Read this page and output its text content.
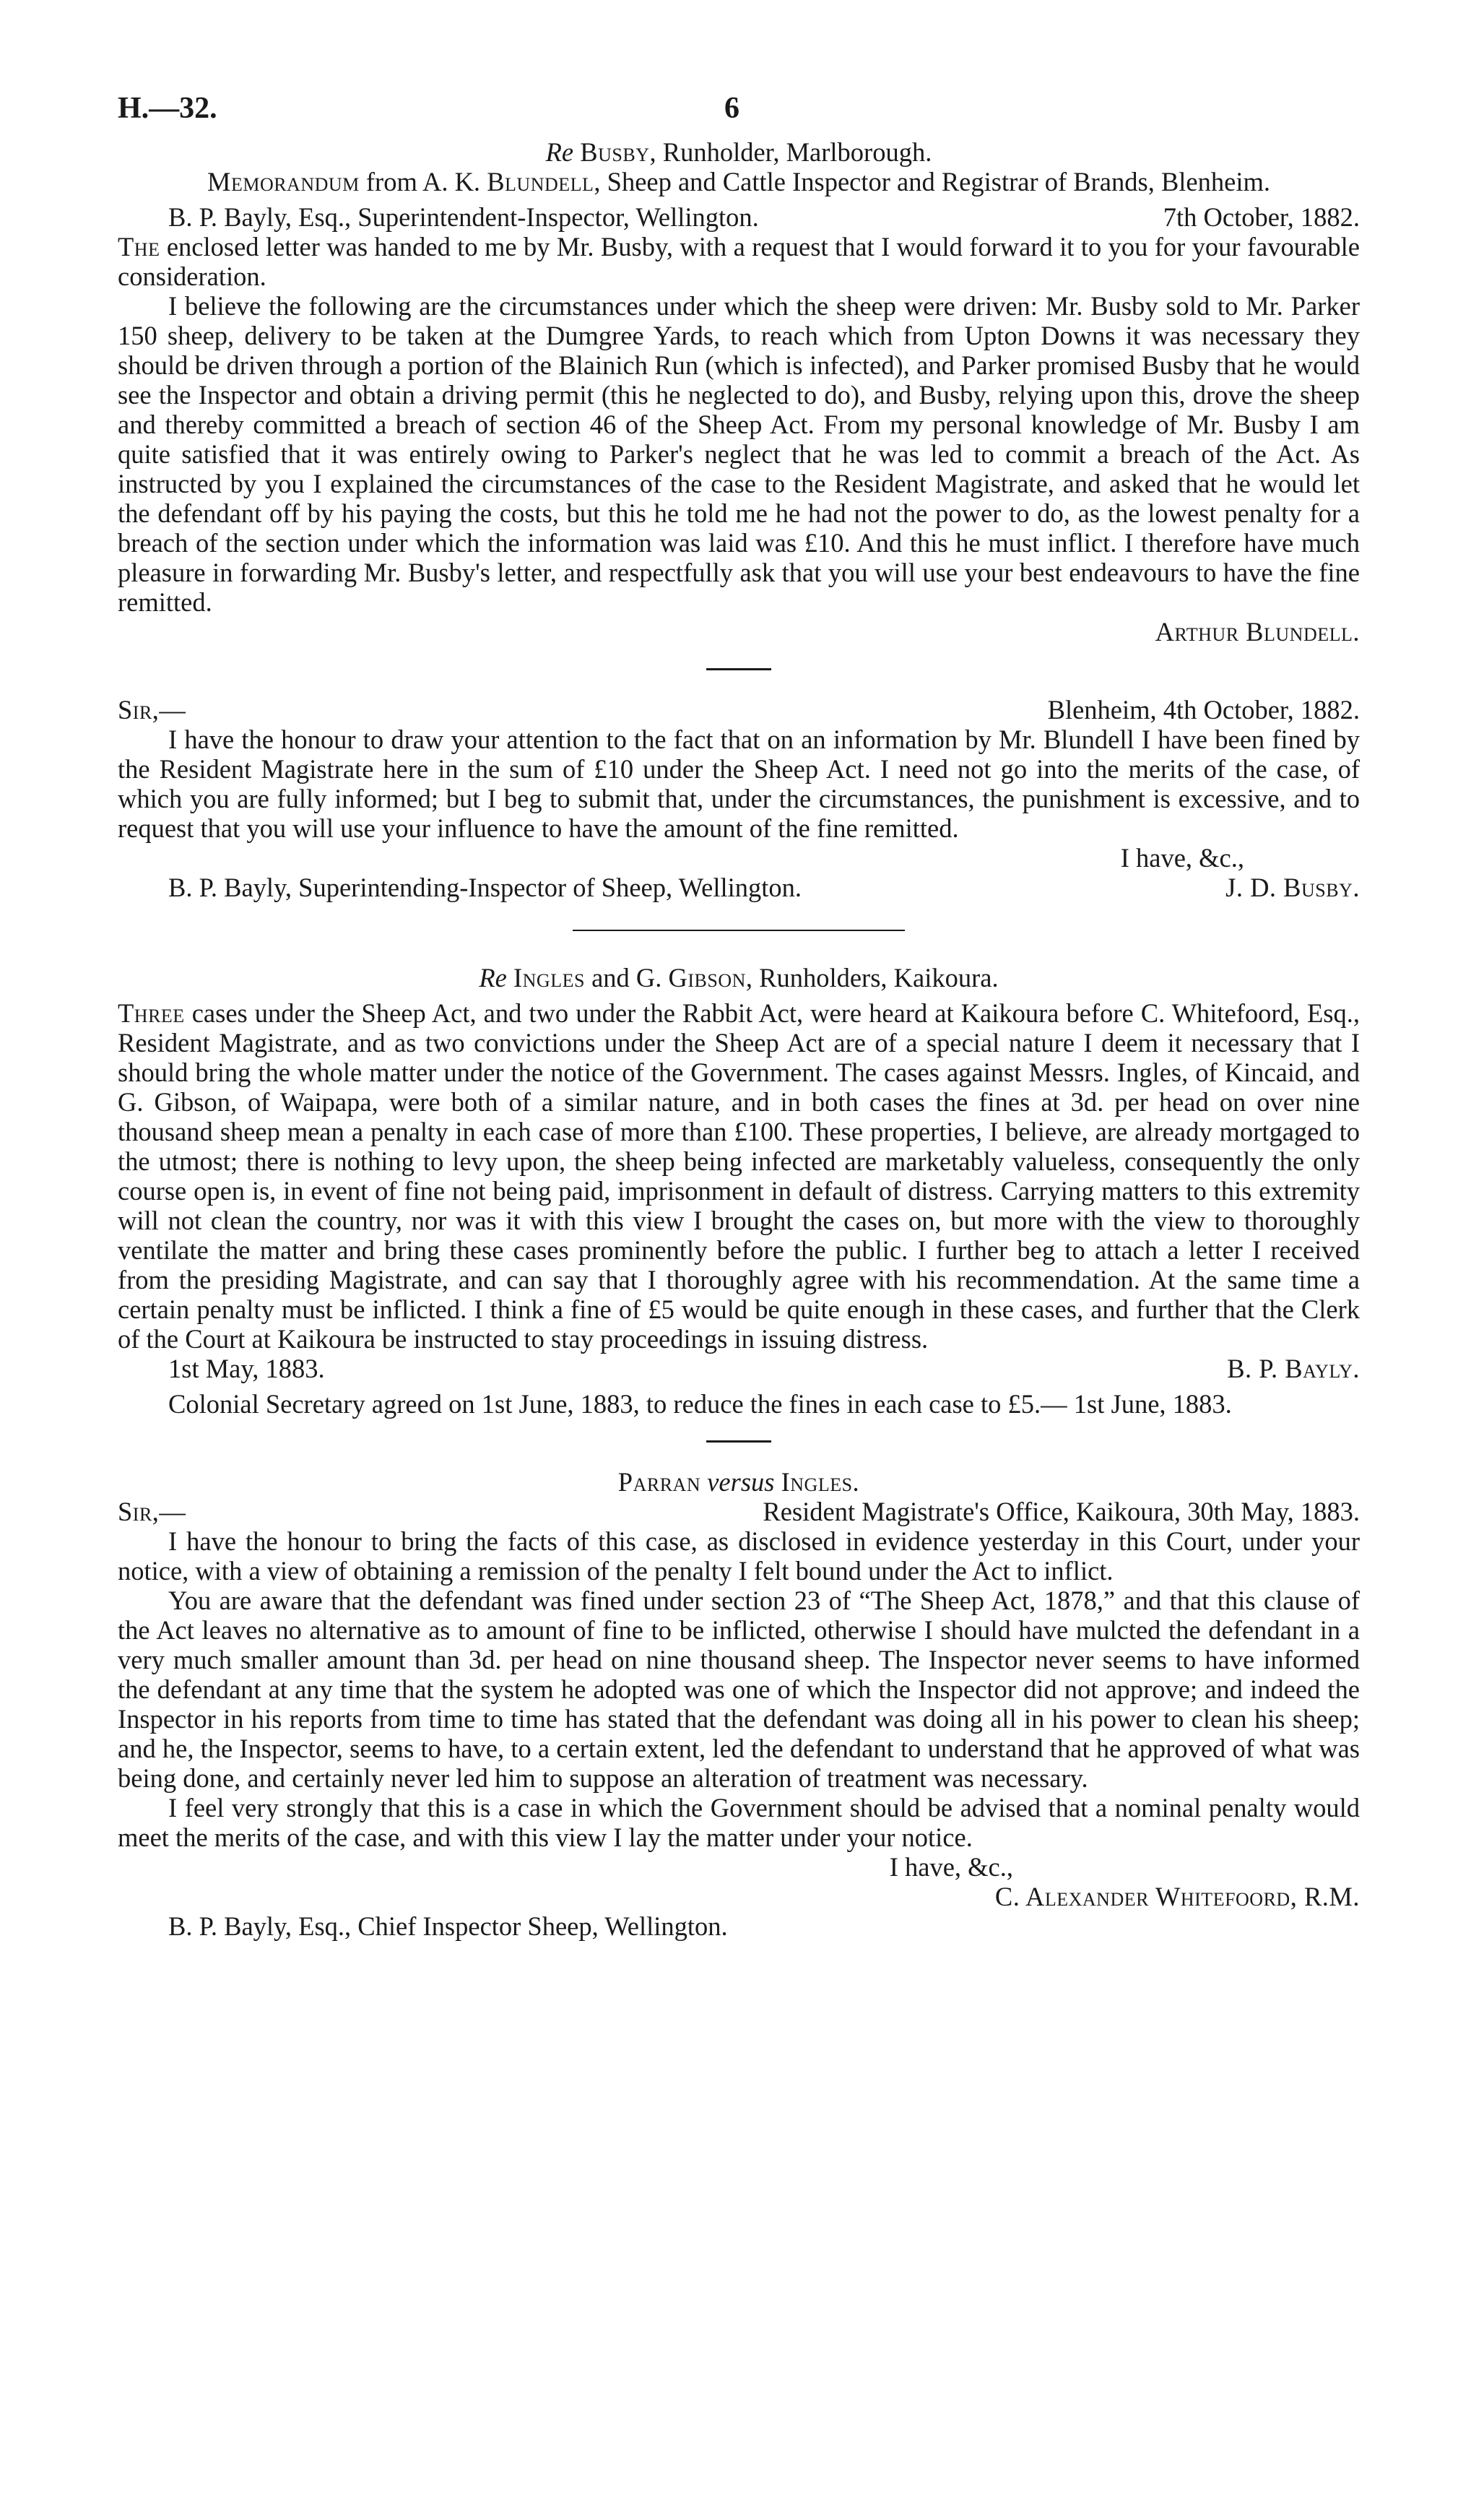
H.—32.	6
Re Busby, Runholder, Marlborough.
Memorandum from A. K. Blundell, Sheep and Cattle Inspector and Registrar of Brands, Blenheim.
B. P. Bayly, Esq., Superintendent-Inspector, Wellington.	7th October, 1882.

The enclosed letter was handed to me by Mr. Busby, with a request that I would forward it to you for your favourable consideration.

I believe the following are the circumstances under which the sheep were driven: Mr. Busby sold to Mr. Parker 150 sheep, delivery to be taken at the Dumgree Yards, to reach which from Upton Downs it was necessary they should be driven through a portion of the Blainich Run (which is infected), and Parker promised Busby that he would see the Inspector and obtain a driving permit (this he neglected to do), and Busby, relying upon this, drove the sheep and thereby committed a breach of section 46 of the Sheep Act. From my personal knowledge of Mr. Busby I am quite satisfied that it was entirely owing to Parker's neglect that he was led to commit a breach of the Act. As instructed by you I explained the circumstances of the case to the Resident Magistrate, and asked that he would let the defendant off by his paying the costs, but this he told me he had not the power to do, as the lowest penalty for a breach of the section under which the information was laid was £10. And this he must inflict. I therefore have much pleasure in forwarding Mr. Busby's letter, and respectfully ask that you will use your best endeavours to have the fine remitted.

Arthur Blundell.
Sir,—	Blenheim, 4th October, 1882.

I have the honour to draw your attention to the fact that on an information by Mr. Blundell I have been fined by the Resident Magistrate here in the sum of £10 under the Sheep Act. I need not go into the merits of the case, of which you are fully informed; but I beg to submit that, under the circumstances, the punishment is excessive, and to request that you will use your influence to have the amount of the fine remitted.

I have, &c.,
B. P. Bayly, Superintending-Inspector of Sheep, Wellington.	J. D. Busby.
Re Ingles and G. Gibson, Runholders, Kaikoura.

Three cases under the Sheep Act, and two under the Rabbit Act, were heard at Kaikoura before C. Whitefoord, Esq., Resident Magistrate, and as two convictions under the Sheep Act are of a special nature I deem it necessary that I should bring the whole matter under the notice of the Government. The cases against Messrs. Ingles, of Kincaid, and G. Gibson, of Waipapa, were both of a similar nature, and in both cases the fines at 3d. per head on over nine thousand sheep mean a penalty in each case of more than £100. These properties, I believe, are already mortgaged to the utmost; there is nothing to levy upon, the sheep being infected are marketably valueless, consequently the only course open is, in event of fine not being paid, imprisonment in default of distress. Carrying matters to this extremity will not clean the country, nor was it with this view I brought the cases on, but more with the view to thoroughly ventilate the matter and bring these cases prominently before the public. I further beg to attach a letter I received from the presiding Magistrate, and can say that I thoroughly agree with his recommendation. At the same time a certain penalty must be inflicted. I think a fine of £5 would be quite enough in these cases, and further that the Clerk of the Court at Kaikoura be instructed to stay proceedings in issuing distress.

1st May, 1883.	B. P. Bayly.

Colonial Secretary agreed on 1st June, 1883, to reduce the fines in each case to £5.— 1st June, 1883.

Parran versus Ingles.
Sir,—	Resident Magistrate's Office, Kaikoura, 30th May, 1883.

I have the honour to bring the facts of this case, as disclosed in evidence yesterday in this Court, under your notice, with a view of obtaining a remission of the penalty I felt bound under the Act to inflict.

You are aware that the defendant was fined under section 23 of “The Sheep Act, 1878,” and that this clause of the Act leaves no alternative as to amount of fine to be inflicted, otherwise I should have mulcted the defendant in a very much smaller amount than 3d. per head on nine thousand sheep. The Inspector never seems to have informed the defendant at any time that the system he adopted was one of which the Inspector did not approve; and indeed the Inspector in his reports from time to time has stated that the defendant was doing all in his power to clean his sheep; and he, the Inspector, seems to have, to a certain extent, led the defendant to understand that he approved of what was being done, and certainly never led him to suppose an alteration of treatment was necessary.

I feel very strongly that this is a case in which the Government should be advised that a nominal penalty would meet the merits of the case, and with this view I lay the matter under your notice.

I have, &c.,
C. Alexander Whitefoord, R.M.
B. P. Bayly, Esq., Chief Inspector Sheep, Wellington.
